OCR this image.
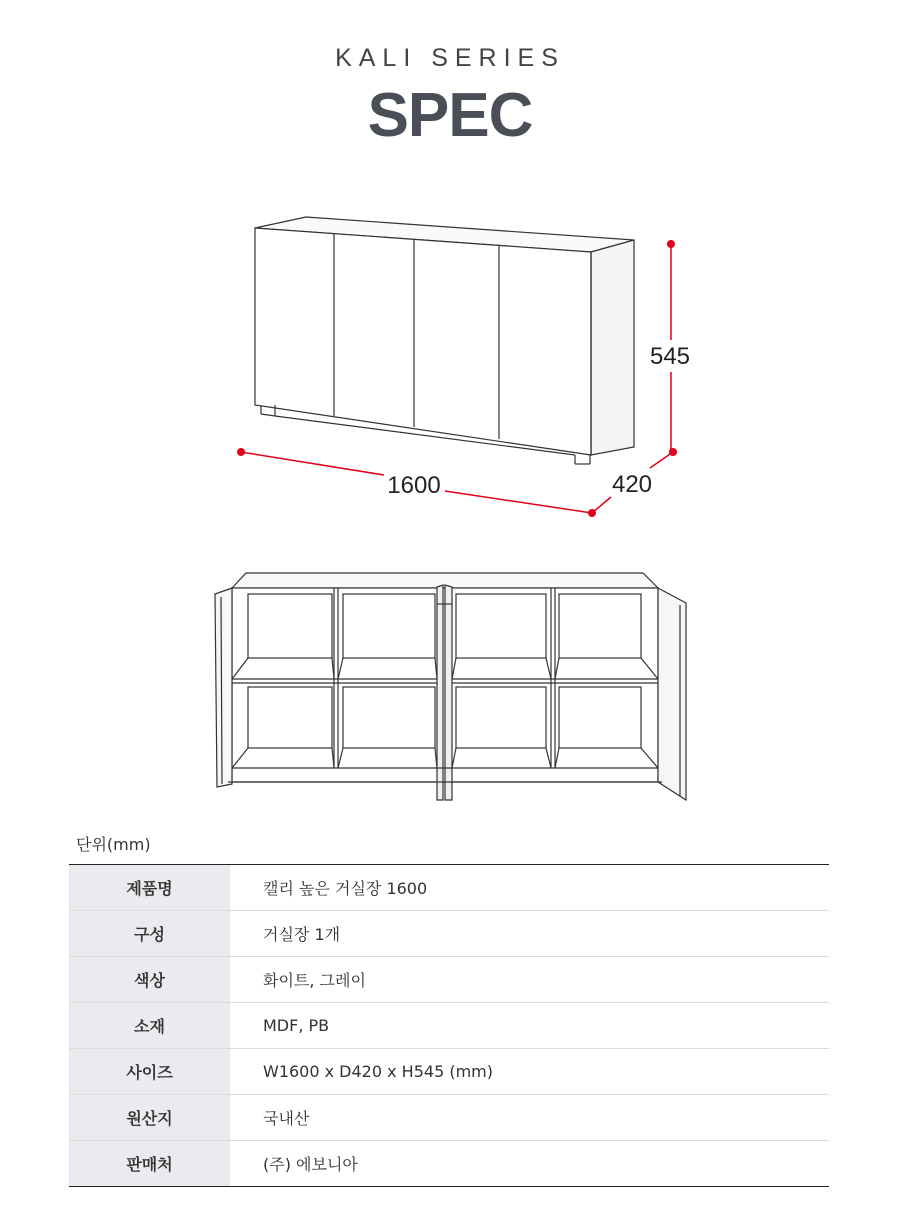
KALI SERIES
SPEC
1600	420
545
단위(mm)
제품명	캘리 높은 거실장 1600
구성	거실장 1개
색상	화이트, 그레이
소재	MDF, PB
사이즈	W1600 x D420 x H545 (mm)
원산지	국내산
판매처	(주) 에보니아
